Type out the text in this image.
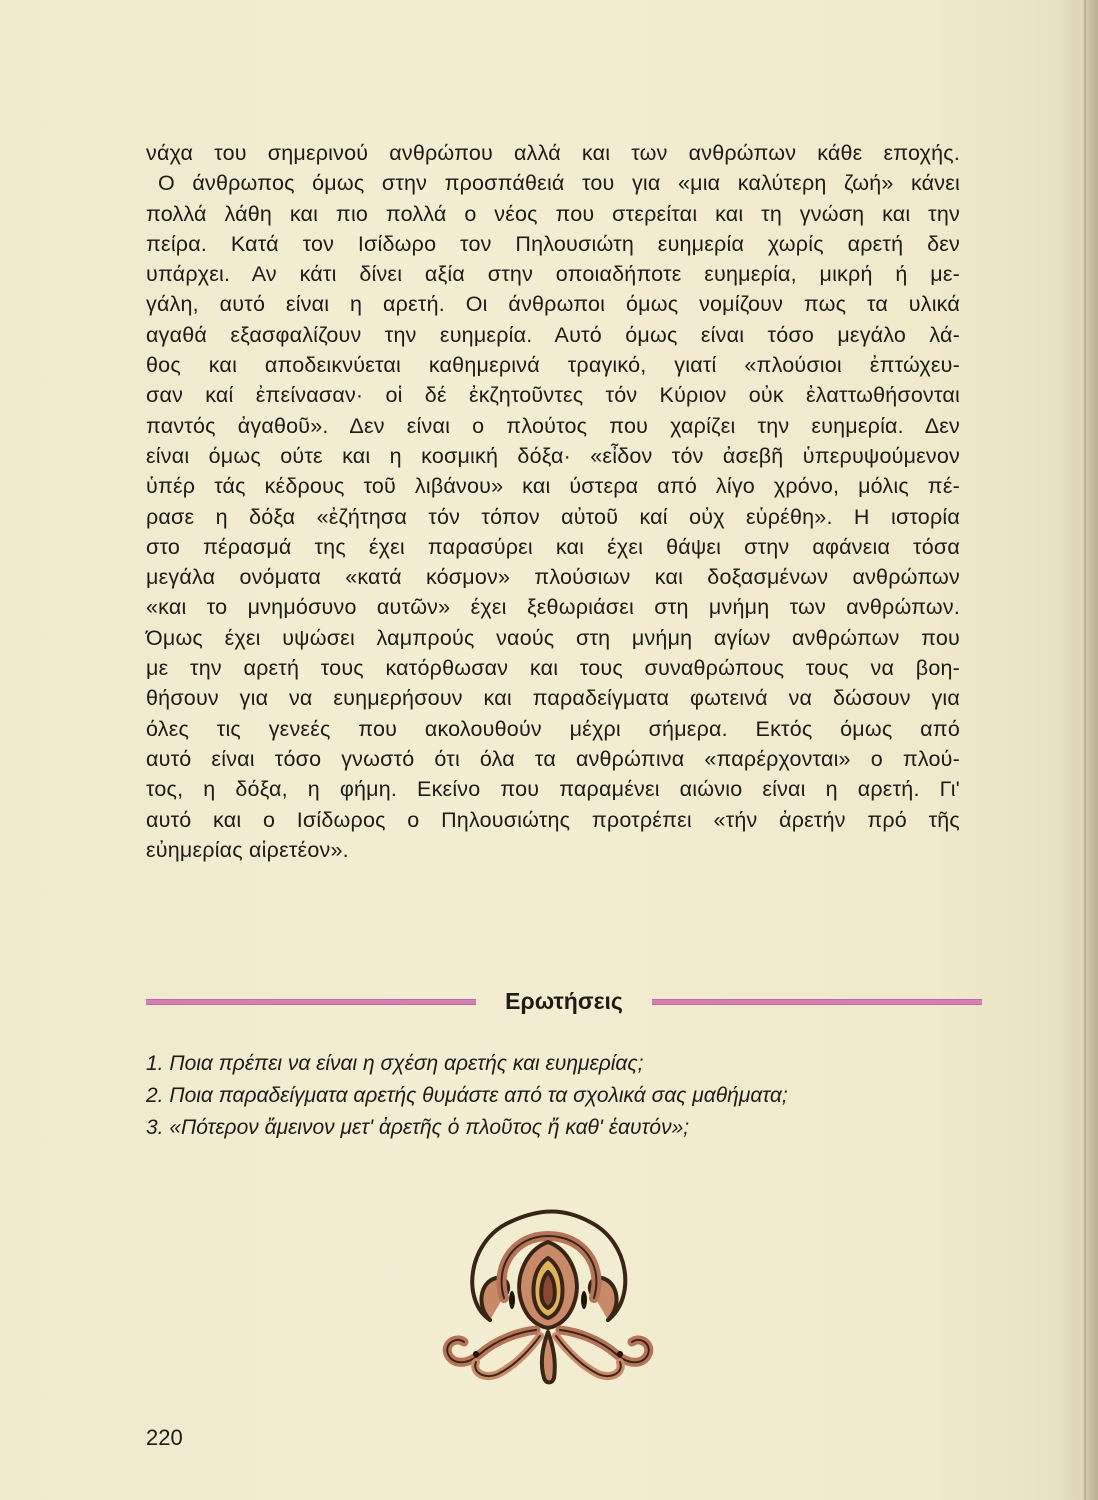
νάχα του σημερινού ανθρώπου αλλά και των ανθρώπων κάθε εποχής.
Ο άνθρωπος όμως στην προσπάθειά του για «μια καλύτερη ζωή» κάνει
πολλά λάθη και πιο πολλά ο νέος που στερείται και τη γνώση και την
πείρα. Κατά τον Ισίδωρο τον Πηλουσιώτη ευημερία χωρίς αρετή δεν
υπάρχει. Αν κάτι δίνει αξία στην οποιαδήποτε ευημερία, μικρή ή με-
γάλη, αυτό είναι η αρετή. Οι άνθρωποι όμως νομίζουν πως τα υλικά
αγαθά εξασφαλίζουν την ευημερία. Αυτό όμως είναι τόσο μεγάλο λά-
θος και αποδεικνύεται καθημερινά τραγικό, γιατί «πλούσιοι ἐπτώχευ-
σαν καί ἐπείνασαν· οἱ δέ ἐκζητοῦντες τόν Κύριον οὐκ ἐλαττωθήσονται
παντός ἀγαθοῦ». Δεν είναι ο πλούτος που χαρίζει την ευημερία. Δεν
είναι όμως ούτε και η κοσμική δόξα· «εἶδον τόν ἀσεβῆ ὑπερυψούμενον
ὑπέρ τάς κέδρους τοῦ λιβάνου» και ύστερα από λίγο χρόνο, μόλις πέ-
ρασε η δόξα «ἐζήτησα τόν τόπον αὐτοῦ καί οὐχ εὑρέθη». Η ιστορία
στο πέρασμά της έχει παρασύρει και έχει θάψει στην αφάνεια τόσα
μεγάλα ονόματα «κατά κόσμον» πλούσιων και δοξασμένων ανθρώπων
«και το μνημόσυνο αυτῶν» έχει ξεθωριάσει στη μνήμη των ανθρώπων.
Όμως έχει υψώσει λαμπρούς ναούς στη μνήμη αγίων ανθρώπων που
με την αρετή τους κατόρθωσαν και τους συναθρώπους τους να βοη-
θήσουν για να ευημερήσουν και παραδείγματα φωτεινά να δώσουν για
όλες τις γενεές που ακολουθούν μέχρι σήμερα. Εκτός όμως από
αυτό είναι τόσο γνωστό ότι όλα τα ανθρώπινα «παρέρχονται» ο πλού-
τος, η δόξα, η φήμη. Εκείνο που παραμένει αιώνιο είναι η αρετή. Γι'
αυτό και ο Ισίδωρος ο Πηλουσιώτης προτρέπει «τήν ἀρετήν πρό τῆς
εὐημερίας αἱρετέον».
Ερωτήσεις
1. Ποια πρέπει να είναι η σχέση αρετής και ευημερίας;
2. Ποια παραδείγματα αρετής θυμάστε από τα σχολικά σας μαθήματα;
3. «Πότερον ἄμεινον μετ' ἀρετῆς ὁ πλοῦτος ἤ καθ' ἑαυτόν»;
220
